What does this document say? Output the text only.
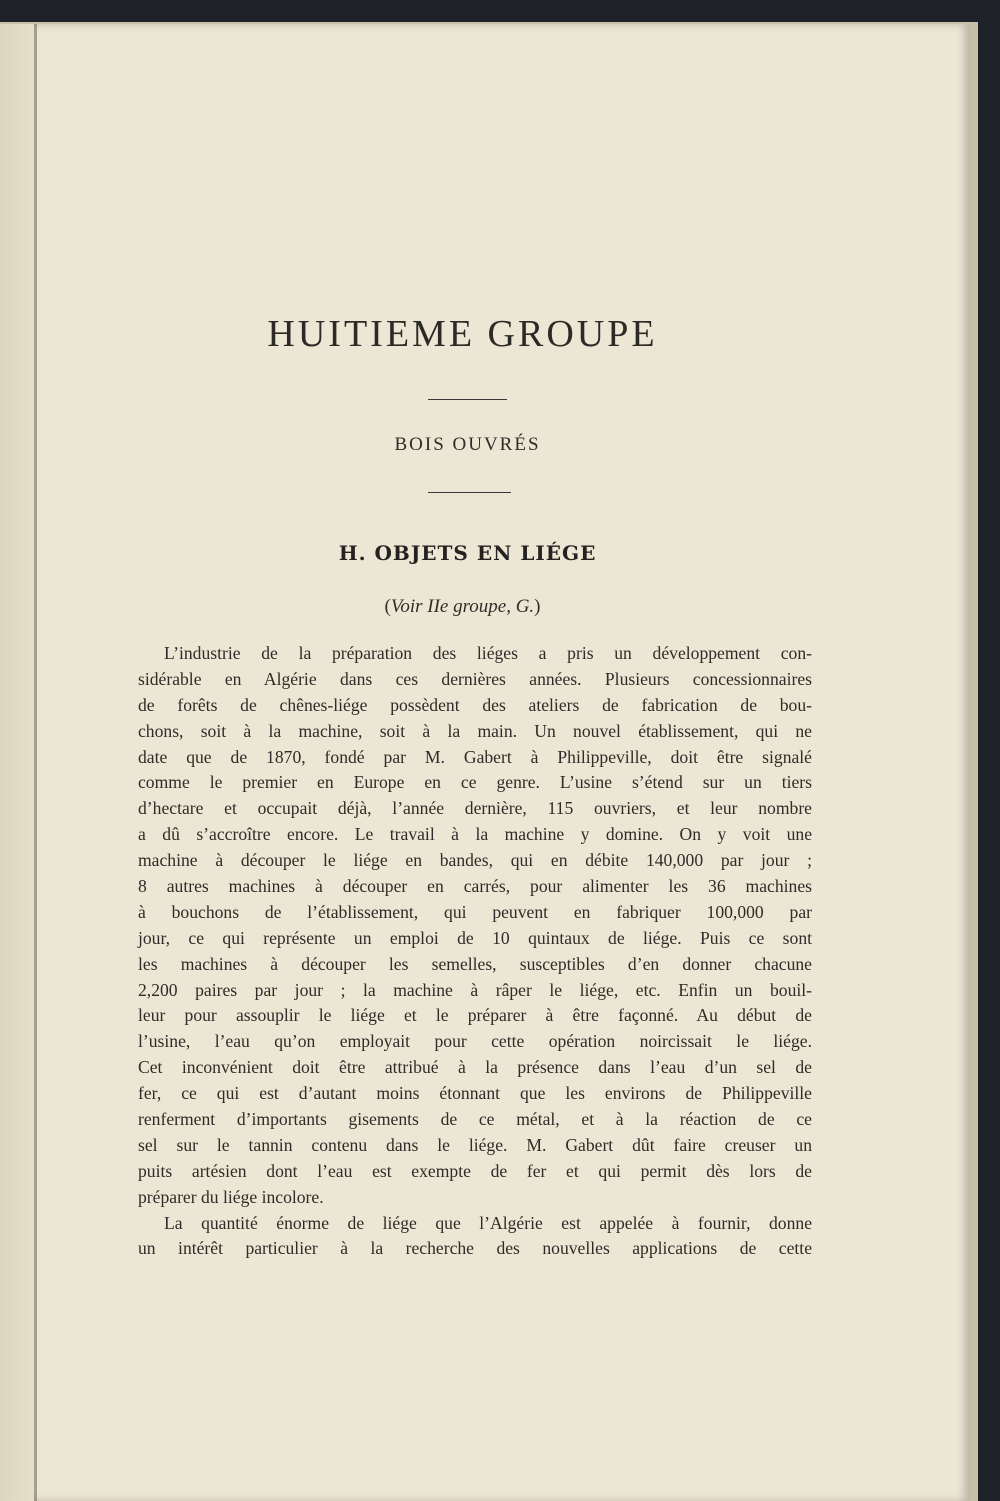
HUITIEME GROUPE
BOIS OUVRÉS
H. OBJETS EN LIÉGE
(Voir IIe groupe, G.)
L’industrie de la préparation des liéges a pris un développement con-
sidérable en Algérie dans ces dernières années. Plusieurs concessionnaires
de forêts de chênes-liége possèdent des ateliers de fabrication de bou-
chons, soit à la machine, soit à la main. Un nouvel établissement, qui ne
date que de 1870, fondé par M. Gabert à Philippeville, doit être signalé
comme le premier en Europe en ce genre. L’usine s’étend sur un tiers
d’hectare et occupait déjà, l’année dernière, 115 ouvriers, et leur nombre
a dû s’accroître encore. Le travail à la machine y domine. On y voit une
machine à découper le liége en bandes, qui en débite 140,000 par jour ;
8 autres machines à découper en carrés, pour alimenter les 36 machines
à bouchons de l’établissement, qui peuvent en fabriquer 100,000 par
jour, ce qui représente un emploi de 10 quintaux de liége. Puis ce sont
les machines à découper les semelles, susceptibles d’en donner chacune
2,200 paires par jour ; la machine à râper le liége, etc. Enfin un bouil-
leur pour assouplir le liége et le préparer à être façonné. Au début de
l’usine, l’eau qu’on employait pour cette opération noircissait le liége.
Cet inconvénient doit être attribué à la présence dans l’eau d’un sel de
fer, ce qui est d’autant moins étonnant que les environs de Philippeville
renferment d’importants gisements de ce métal, et à la réaction de ce
sel sur le tannin contenu dans le liége. M. Gabert dût faire creuser un
puits artésien dont l’eau est exempte de fer et qui permit dès lors de
préparer du liége incolore.
La quantité énorme de liége que l’Algérie est appelée à fournir, donne
un intérêt particulier à la recherche des nouvelles applications de cette
